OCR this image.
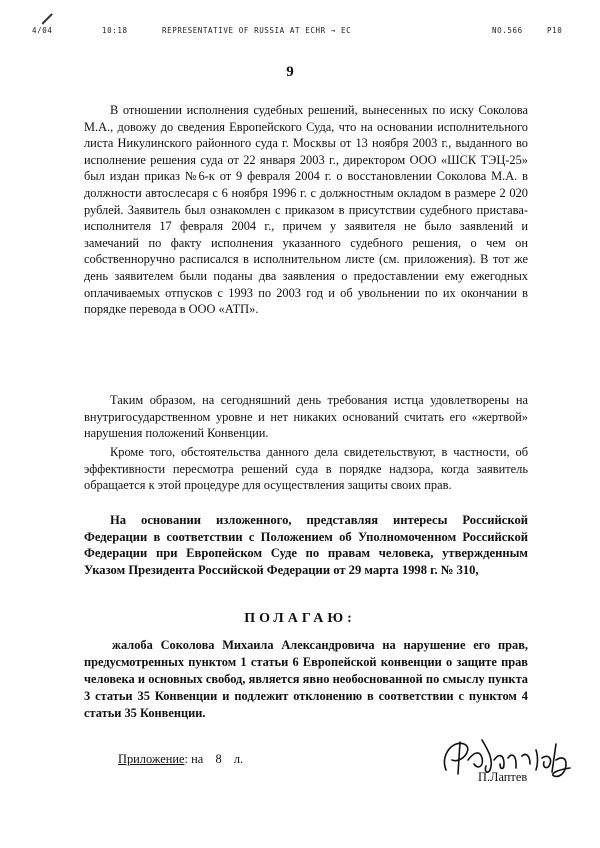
4/04	10:18	REPRESENTATIVE OF RUSSIA AT ECHR → EC	NO.566	P10
9

В отношении исполнения судебных решений, вынесенных по иску Соколова М.А., довожу до сведения Европейского Суда, что на основании исполнительного листа Никулинского районного суда г. Москвы от 13 ноября 2003 г., выданного во исполнение решения суда от 22 января 2003 г., директором ООО «ШСК ТЭЦ-25» был издан приказ №6-к от 9 февраля 2004 г. о восстановлении Соколова М.А. в должности автослесаря с 6 ноября 1996 г. с должностным окладом в размере 2 020 рублей. Заявитель был ознакомлен с приказом в присутствии судебного пристава-исполнителя 17 февраля 2004 г., причем у заявителя не было заявлений и замечаний по факту исполнения указанного судебного решения, о чем он собственноручно расписался в исполнительном листе (см. приложения). В тот же день заявителем были поданы два заявления о предоставлении ему ежегодных оплачиваемых отпусков с 1993 по 2003 год и об увольнении по их окончании в порядке перевода в ООО «АТП».

Таким образом, на сегодняшний день требования истца удовлетворены на внутригосударственном уровне и нет никаких оснований считать его «жертвой» нарушения положений Конвенции.

Кроме того, обстоятельства данного дела свидетельствуют, в частности, об эффективности пересмотра решений суда в порядке надзора, когда заявитель обращается к этой процедуре для осуществления защиты своих прав.

На основании изложенного, представляя интересы Российской Федерации в соответствии с Положением об Уполномоченном Российской Федерации при Европейском Суде по правам человека, утвержденным Указом Президента Российской Федерации от 29 марта 1998 г. № 310,

ПОЛАГАЮ:

жалоба Соколова Михаила Александровича на нарушение его прав, предусмотренных пунктом 1 статьи 6 Европейской конвенции о защите прав человека и основных свобод, является явно необоснованной по смыслу пункта 3 статьи 35 Конвенции и подлежит отклонению в соответствии с пунктом 4 статьи 35 Конвенции.

Приложение: на 8 л.
П.Лаптев
